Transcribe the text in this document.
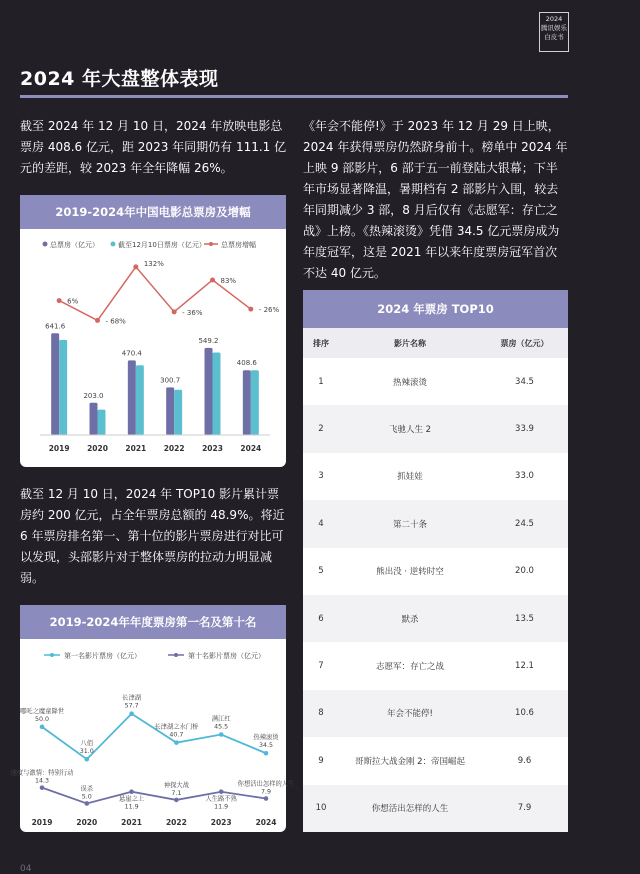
2024
腾讯娱乐
白皮书
2024 年大盘整体表现

截至 2024 年 12 月 10 日，2024 年放映电影总票房 408.6 亿元，距 2023 年同期仍有 111.1 亿元的差距，较 2023 年全年降幅 26%。

《年会不能停!》于 2023 年 12 月 29 日上映，2024 年获得票房仍然跻身前十。榜单中 2024 年上映 9 部影片，6 部于五一前登陆大银幕；下半年市场显著降温，暑期档有 2 部影片入围，较去年同期减少 3 部，8 月后仅有《志愿军：存亡之战》上榜。《热辣滚烫》凭借 34.5 亿元票房成为年度冠军，这是 2021 年以来年度票房冠军首次不达 40 亿元。

截至 12 月 10 日，2024 年 TOP10 影片累计票房约 200 亿元，占全年票房总额的 48.9%。将近 6 年票房排名第一、第十位的影片票房进行对比可以发现，头部影片对于整体票房的拉动力明显减弱。

2019-2024年中国电影总票房及增幅
总票房（亿元）	截至12月10日票房（亿元） 总票房增幅
641.6
2019
203.0
2020
470.4
2021
300.7
2022
549.2
2023
408.6
2024
6%
- 68%
132%
- 36%
83%
- 26%
2019-2024年年度票房第一名及第十名
第一名影片票房（亿元）	第十名影片票房（亿元）
哪吒之魔童降世
50.0
八佰
31.0
长津湖
57.7
长津湖之水门桥
40.7
满江红
45.5
热辣滚烫
34.5
速度与激情：特别行动
14.3
误杀
5.0	悬崖之上
11.9
神探大战
7.1
人生路不熟
11.9
你想活出怎样的人生
7.9
2019	2020	2021	2022	2023	2024
2024 年票房 TOP10
排序	影片名称	票房（亿元）
1	热辣滚烫	34.5
2	飞驰人生 2	33.9
3	抓娃娃	33.0
4	第二十条	24.5
5	熊出没 · 逆转时空	20.0
6	默杀	13.5
7	志愿军：存亡之战	12.1
8	年会不能停!	10.6
9	哥斯拉大战金刚 2：帝国崛起	9.6
10	你想活出怎样的人生	7.9
04
